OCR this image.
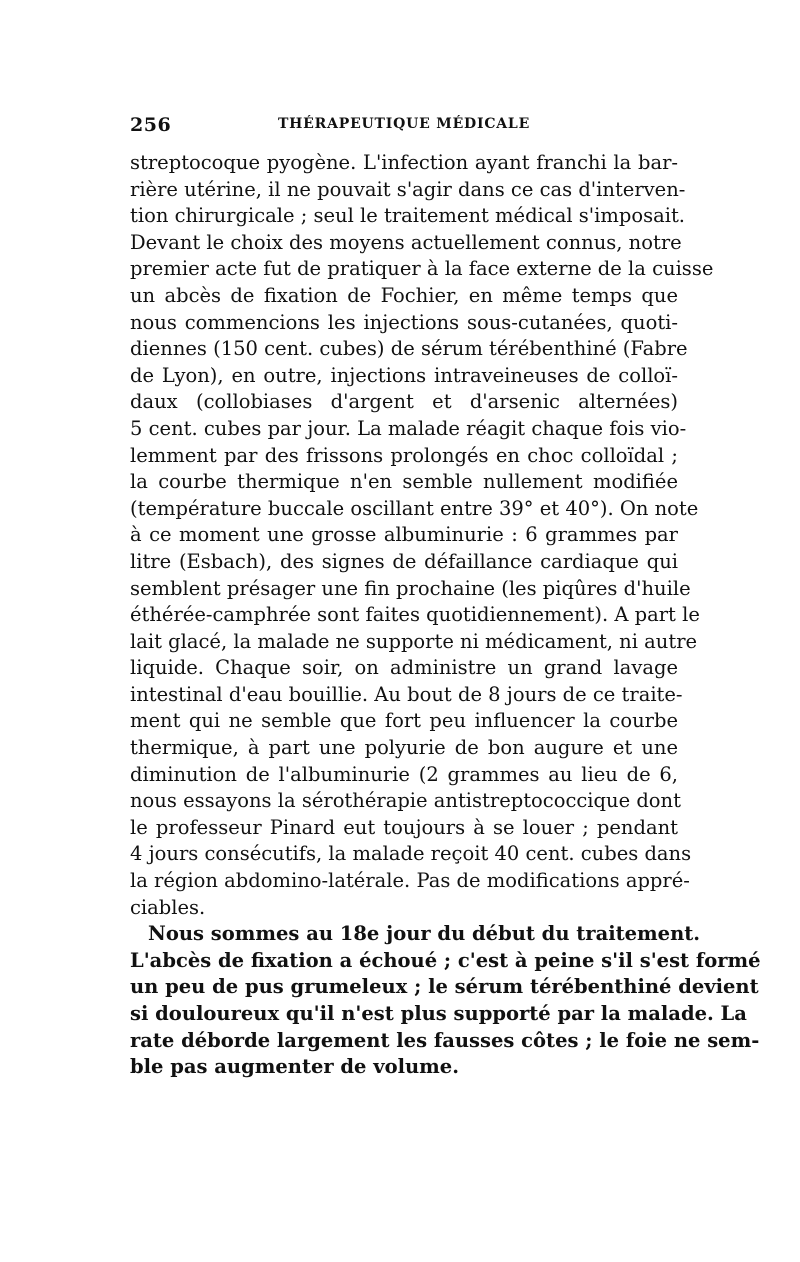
256	THÉRAPEUTIQUE MÉDICALE
streptocoque pyogène. L'infection ayant franchi la bar-
rière utérine, il ne pouvait s'agir dans ce cas d'interven-
tion chirurgicale ; seul le traitement médical s'imposait.
Devant le choix des moyens actuellement connus, notre
premier acte fut de pratiquer à la face externe de la cuisse
un abcès de fixation de Fochier, en même temps que
nous commencions les injections sous-cutanées, quoti-
diennes (150 cent. cubes) de sérum térébenthiné (Fabre
de Lyon), en outre, injections intraveineuses de colloï-
daux (collobiases d'argent et d'arsenic alternées)
5 cent. cubes par jour. La malade réagit chaque fois vio-
lemment par des frissons prolongés en choc colloïdal ;
la courbe thermique n'en semble nullement modifiée
(température buccale oscillant entre 39° et 40°). On note
à ce moment une grosse albuminurie : 6 grammes par
litre (Esbach), des signes de défaillance cardiaque qui
semblent présager une fin prochaine (les piqûres d'huile
éthérée-camphrée sont faites quotidiennement). A part le
lait glacé, la malade ne supporte ni médicament, ni autre
liquide. Chaque soir, on administre un grand lavage
intestinal d'eau bouillie. Au bout de 8 jours de ce traite-
ment qui ne semble que fort peu influencer la courbe
thermique, à part une polyurie de bon augure et une
diminution de l'albuminurie (2 grammes au lieu de 6,
nous essayons la sérothérapie antistreptococcique dont
le professeur Pinard eut toujours à se louer ; pendant
4 jours consécutifs, la malade reçoit 40 cent. cubes dans
la région abdomino-latérale. Pas de modifications appré-
ciables.
Nous sommes au 18e jour du début du traitement.
L'abcès de fixation a échoué ; c'est à peine s'il s'est formé
un peu de pus grumeleux ; le sérum térébenthiné devient
si douloureux qu'il n'est plus supporté par la malade. La
rate déborde largement les fausses côtes ; le foie ne sem-
ble pas augmenter de volume.
